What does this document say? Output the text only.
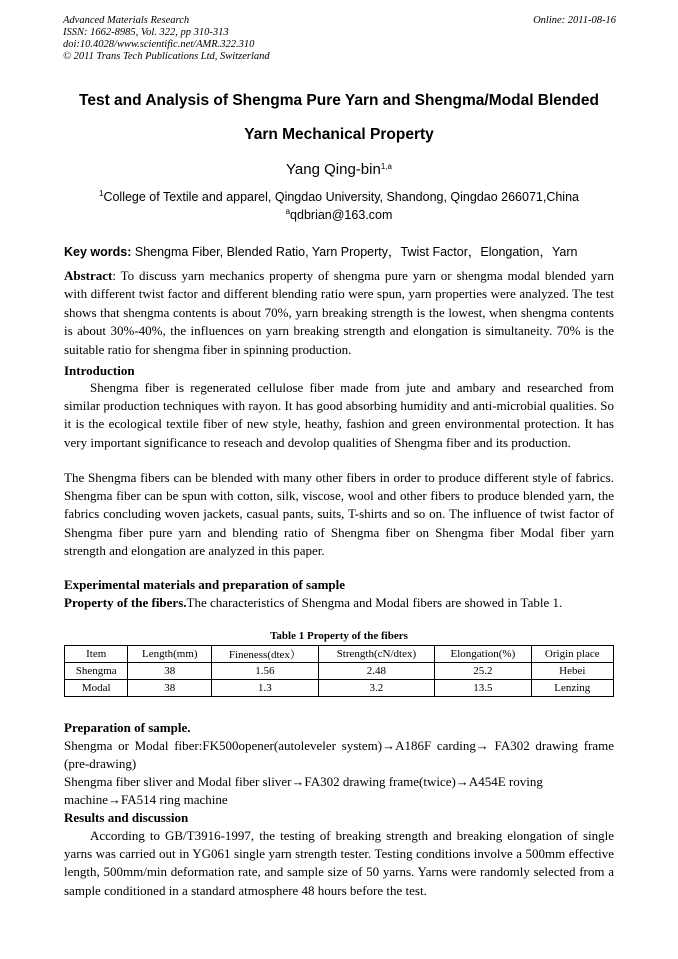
Advanced Materials Research
ISSN: 1662-8985, Vol. 322, pp 310-313
doi:10.4028/www.scientific.net/AMR.322.310
© 2011 Trans Tech Publications Ltd, Switzerland
Online: 2011-08-16
Test and Analysis of Shengma Pure Yarn and Shengma/Modal Blended
Yarn Mechanical Property
Yang Qing-bin$^{1,a}$
$^1$College of Textile and apparel, Qingdao University, Shandong, Qingdao 266071,China
$^a$qdbrian@163.com
Key words: Shengma Fiber, Blended Ratio, Yarn Property，Twist Factor，Elongation，Yarn
Abstract: To discuss yarn mechanics property of shengma pure yarn or shengma modal blended yarn with different twist factor and different blending ratio were spun, yarn properties were analyzed. The test shows that shengma contents is about 70%, yarn breaking strength is the lowest, when shengma contents is about 30%-40%, the influences on yarn breaking strength and elongation is simultaneity. 70% is the suitable ratio for shengma fiber in spinning production.
Introduction
Shengma fiber is regenerated cellulose fiber made from jute and ambary and researched from similar production techniques with rayon. It has good absorbing humidity and anti-microbial qualities. So it is the ecological textile fiber of new style, heathy, fashion and green environmental protection. It has very important significance to reseach and devolop qualities of Shengma fiber and its production.
The Shengma fibers can be blended with many other fibers in order to produce different style of fabrics. Shengma fiber can be spun with cotton, silk, viscose, wool and other fibers to produce blended yarn, the fabrics concluding woven jackets, casual pants, suits, T-shirts and so on. The influence of twist factor of Shengma fiber pure yarn and blending ratio of Shengma fiber on Shengma fiber Modal fiber yarn strength and elongation are analyzed in this paper.
Experimental materials and preparation of sample
Property of the fibers.The characteristics of Shengma and Modal fibers are showed in Table 1.
Table 1 Property of the fibers
Item	Length(mm)	Fineness(dtex）	Strength(cN/dtex)	Elongation(%)	Origin place
Shengma	38	1.56	2.48	25.2	Hebei
Modal	38	1.3	3.2	13.5	Lenzing
Preparation of sample.
Shengma or Modal fiber:FK500opener(autoleveler system)→A186F carding→ FA302 drawing frame (pre-drawing)
Shengma fiber sliver and Modal fiber sliver→FA302 drawing frame(twice)→A454E roving machine→FA514 ring machine
Results and discussion
According to GB/T3916-1997, the testing of breaking strength and breaking elongation of single yarns was carried out in YG061 single yarn strength tester. Testing conditions involve a 500mm effective length, 500mm/min deformation rate, and sample size of 50 yarns. Yarns were randomly selected from a sample conditioned in a standard atmosphere 48 hours before the test.
